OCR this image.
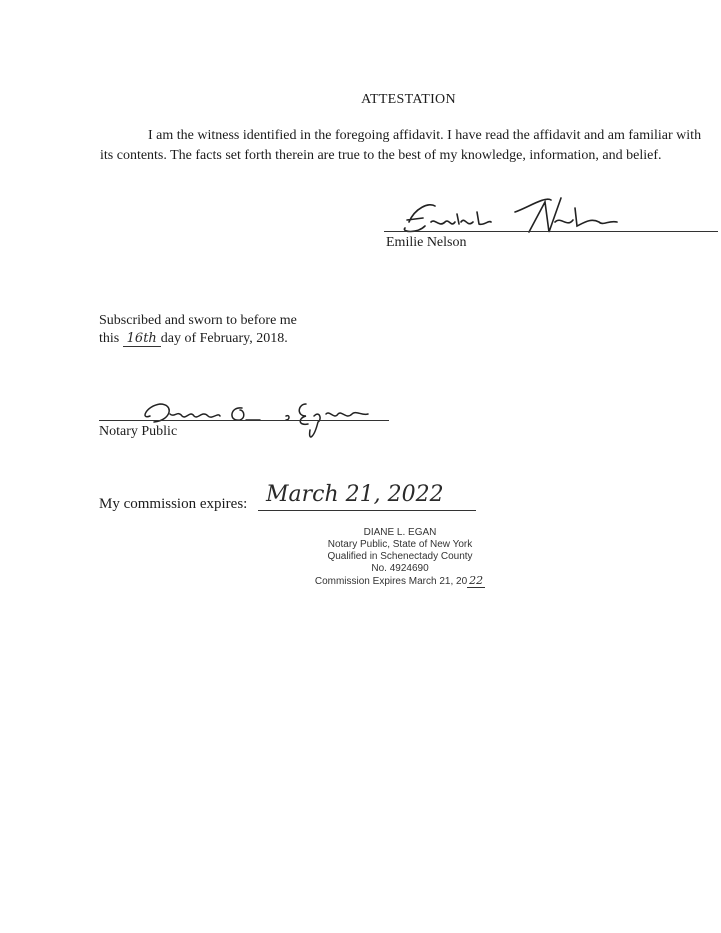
ATTESTATION
I am the witness identified in the foregoing affidavit. I have read the affidavit and am familiar with its contents. The facts set forth therein are true to the best of my knowledge, information, and belief.
Emilie Nelson
Subscribed and sworn to before me
this 16th day of February, 2018.
Notary Public
My commission expires: March 21, 2022
DIANE L. EGAN
Notary Public, State of New York
Qualified in Schenectady County
No. 4924690
Commission Expires March 21, 20 22
